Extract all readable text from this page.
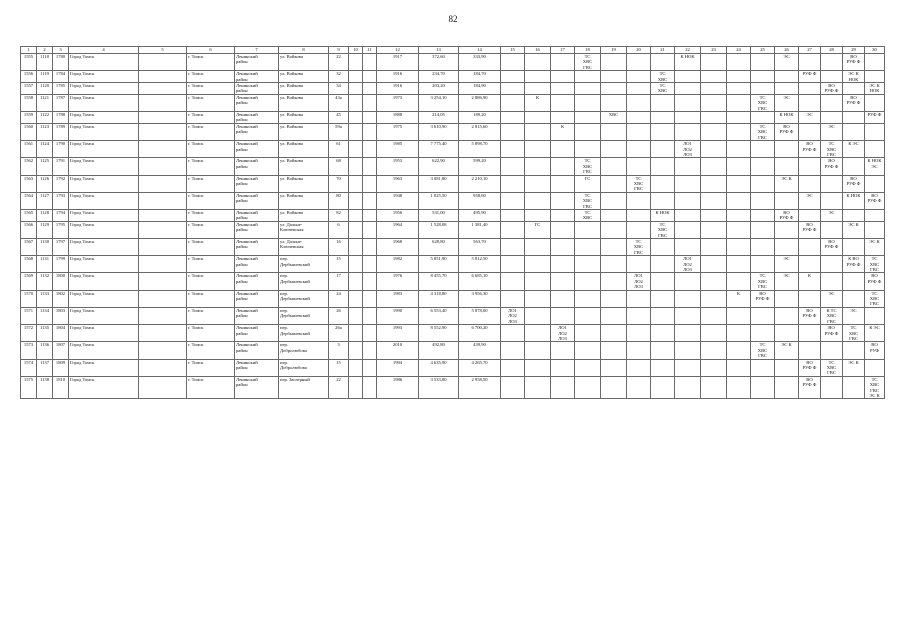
82
1	2	3	4	5	6	7	8	9	10	11	12	13	14	15	16	17	18	19	20	21	22	23	24	25	26	27	28	29	30
1555	1118	1780	Город Томск		г. Томск	Ленинский
район	ул. Войкова	22			1917	372,60	333,90				ТС
ХВС
ГВС				К НОК				ЭС			ВО
РУФ Ф	
1556	1119	1784	Город Томск		г. Томск	Ленинский
район	ул. Войкова	32			1916	234,70	184,70							ТС
ХВС						РУФ Ф		ЭС К
НОК	
1557	1120	1785	Город Томск		г. Томск	Ленинский
район	ул. Войкова	34			1916	203,20	184,90							ТС
ХВС							ВО
РУФ Ф		ЭС К
НОК
1558	1121	1787	Город Томск		г. Томск	Ленинский
район	ул. Войкова	43а			1973	3 254,10	2 886,90		К									ТС
ХВС
ГВС	ЭС			ВО
РУФ Ф	
1559	1122	1788	Город Томск		г. Томск	Ленинский
район	ул. Войкова	45			1888	214,05	189,20					ХВС							К НОК	ЭС			РУФ Ф
1560	1123	1789	Город Томск		г. Томск	Ленинский
район	ул. Войкова	59а			1975	3 610,90	2 815,60			К								ТС
ХВС
ГВС	ВО
РУФ Ф		ЭС		
1561	1124	1790	Город Томск		г. Томск	Ленинский
район	ул. Войкова	61			1985	7 775,40	5 898,70								ЛО1
ЛО2
ЛО3					ВО
РУФ Ф	ТС
ХВС
ГВС	К ЭС	
1562	1125	1791	Город Томск		г. Томск	Ленинский
район	ул. Войкова	68			1953	622,90	599,20				ТС
ХВС
ГВС										ВО
РУФ Ф		К НОК
ЭС
1563	1126	1792	Город Томск		г. Томск	Ленинский
район	ул. Войкова	70			1963	3 081,80	2 210,10				ГС		ТС
ХВС
ГВС						ЭС К			ВО
РУФ Ф	
1564	1127	1793	Город Томск		г. Томск	Ленинский
район	ул. Войкова	80			1948	1 025,50	958,60				ТС
ХВС
ГВС									ЭС		К НОК	ВО
РУФ Ф
1565	1128	1794	Город Томск		г. Томск	Ленинский
район	ул. Войкова	82			1956	531,00	495,90				ТС
ХВС			К НОК					ВО
РУФ Ф		ЭС		
1566	1129	1795	Город Томск		г. Томск	Ленинский
район	ул. Дальне-
Ключевская	6			1964	1 528,08	1 381,40		ГС					ТС
ХВС
ГВС						ВО
РУФ Ф		ЭС К	
1567	1130	1797	Город Томск		г. Томск	Ленинский
район	ул. Дальне-
Ключевская	16			1968	628,80	563,70						ТС
ХВС
ГВС								ВО
РУФ Ф		ЭС К
1568	1131	1799	Город Томск		г. Томск	Ленинский
район	пер.
Дербышевский	15			1982	5 851,90	5 812,50								ЛО1
ЛО2
ЛО3				ЭС			К ВО
РУФ Ф	ТС
ХВС
ГВС
1569	1132	1800	Город Томск		г. Томск	Ленинский
район	пер.
Дербышевский	17			1976	8 455,70	6 685,10						ЛО1
ЛО2
ЛО3					ТС
ХВС
ГВС	ЭС	К			ВО
РУФ Ф
1570	1133	1802	Город Томск		г. Томск	Ленинский
район	пер.
Дербышевский	24			1983	4 318,80	3 956,30										К	ВО
РУФ Ф			ЭС		ТС
ХВС
ГВС
1571	1134	1803	Город Томск		г. Томск	Ленинский
район	пер.
Дербышевский	26			1990	6 553,40	5 878,00	ЛО1
ЛО2
ЛО3												ВО
РУФ Ф	К ТС
ХВС
ГВС	ЭС	
1572	1135	1804	Город Томск		г. Томск	Ленинский
район	пер.
Дербышевский	26а			1993	8 552,90	6 700,20			ЛО1
ЛО2
ЛО3											ВО
РУФ Ф	ТС
ХВС
ГВС	К ЭС
1573	1136	1807	Город Томск		г. Томск	Ленинский
район	пер.
Добролюбова	3			2010	492,80	439,90											ТС
ХВС
ГВС	ЭС К				ВО
РУФ
1574	1137	1809	Город Томск		г. Томск	Ленинский
район	пер.
Добролюбова	15			1994	4 635,90	4 265,70													ВО
РУФ Ф	ТС
ХВС
ГВС	ЭС К	
1575	1138	1810	Город Томск		г. Томск	Ленинский
район	пер. Заозерный	22			1986	3 533,80	2 958,50													ВО
РУФ Ф			ТС
ХВС
ГВС
ЭС К
